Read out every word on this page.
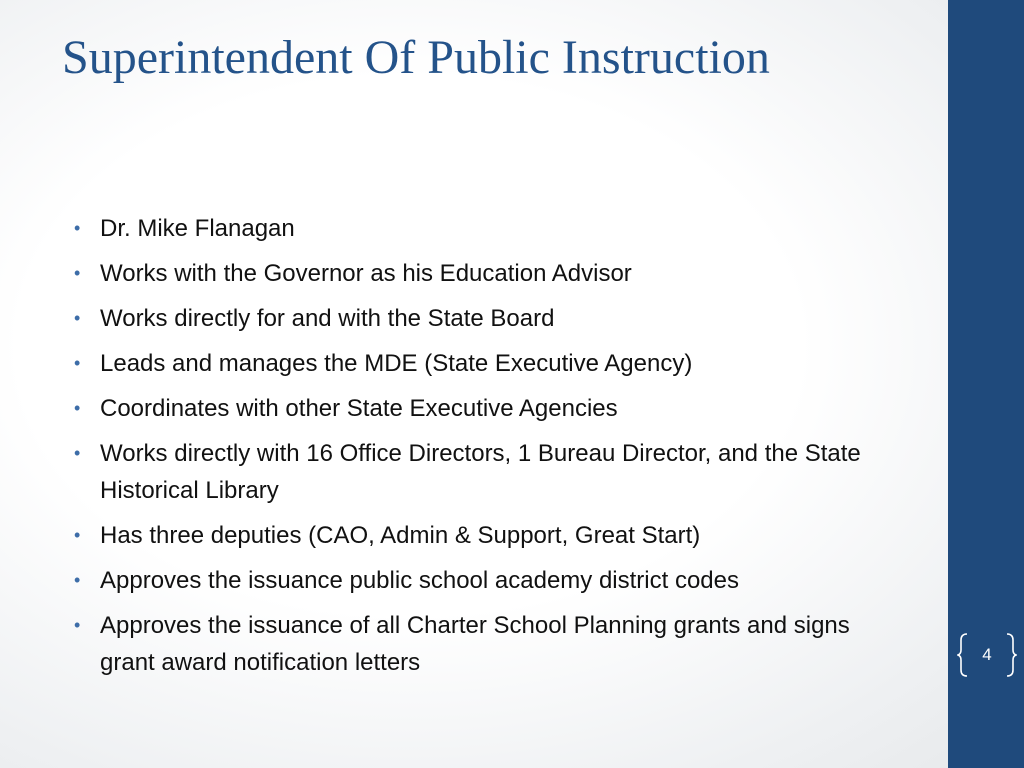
Superintendent Of Public Instruction
• Dr. Mike Flanagan
• Works with the Governor as his Education Advisor
• Works directly for and with the State Board
• Leads and manages the MDE (State Executive Agency)
• Coordinates with other State Executive Agencies
• Works directly with 16 Office Directors, 1 Bureau Director, and the State Historical Library
• Has three deputies (CAO, Admin & Support, Great Start)
• Approves the issuance public school academy district codes
• Approves the issuance of all Charter School Planning grants and signs grant award notification letters	4
